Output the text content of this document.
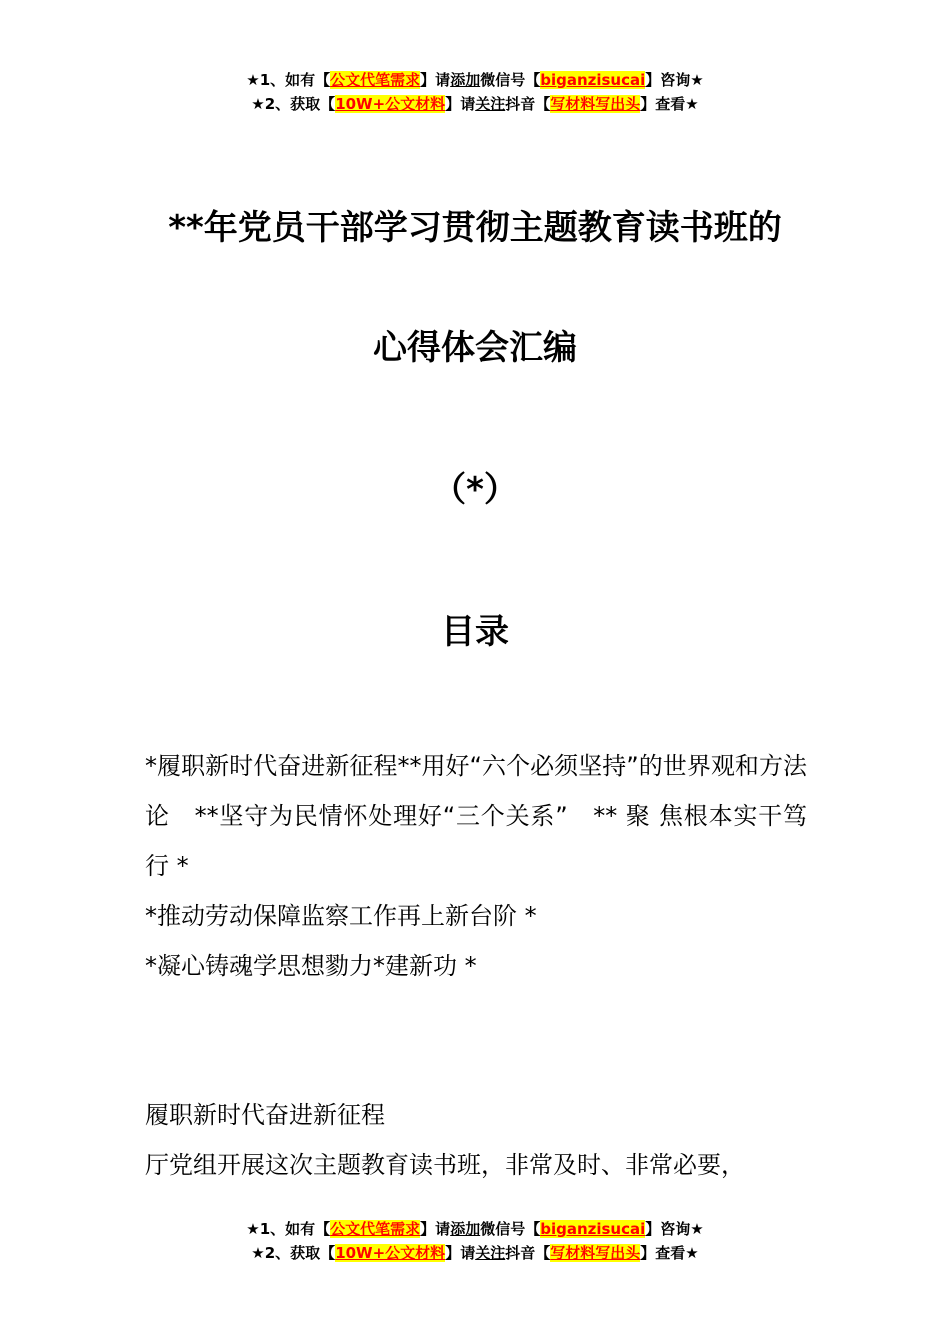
★1、如有【公文代笔需求】请添加微信号【biganzisucai】咨询★
★2、获取【10W+公文材料】请关注抖音【写材料写出头】查看★
**年党员干部学习贯彻主题教育读书班的
心得体会汇编
（*）
目录

*履职新时代奋进新征程**用好“六个必须坚持”的世界观和方法论　**坚守为民情怀处理好“三个关系”　** 聚 焦根本实干笃行 *

*推动劳动保障监察工作再上新台阶 *

*凝心铸魂学思想勠力*建新功 *

履职新时代奋进新征程

厅党组开展这次主题教育读书班，非常及时、非常必要，

★1、如有【公文代笔需求】请添加微信号【biganzisucai】咨询★
★2、获取【10W+公文材料】请关注抖音【写材料写出头】查看★
